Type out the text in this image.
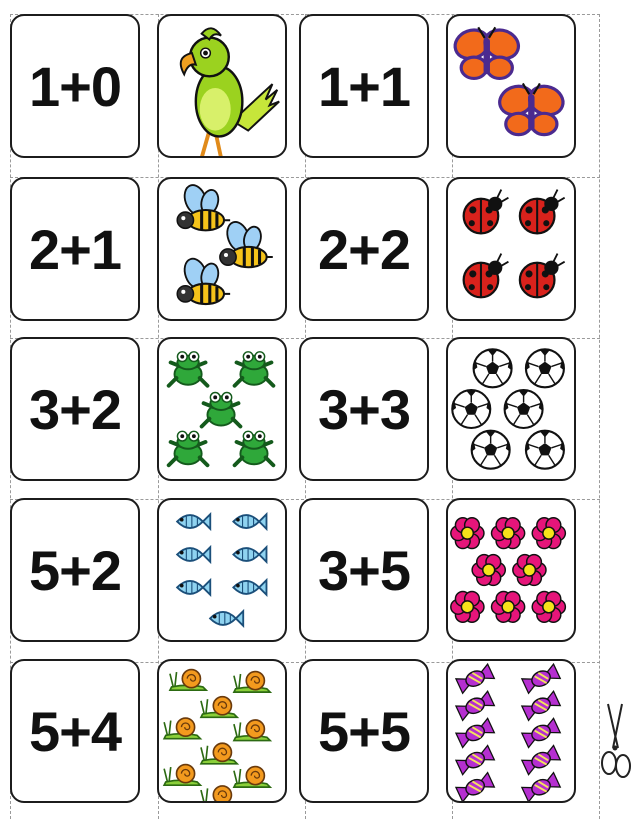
1+0	1+1
2+1	2+2
3+2	3+3
5+2	3+5
5+4	5+5
